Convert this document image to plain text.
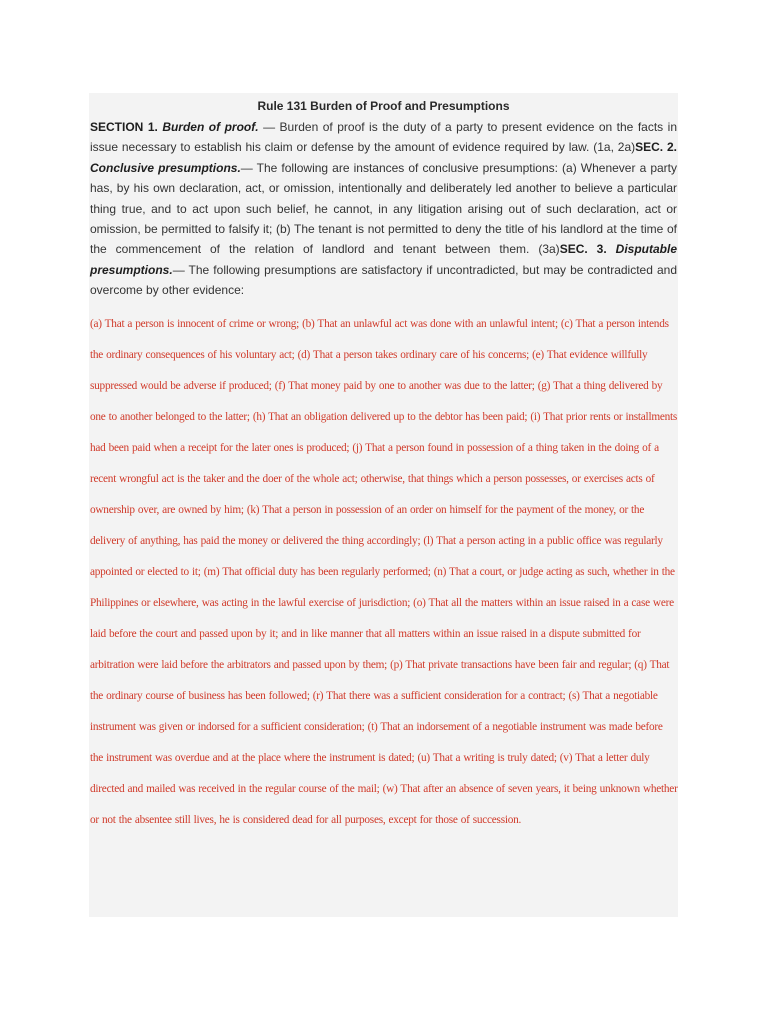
Rule 131 Burden of Proof and Presumptions

SECTION 1. Burden of proof. — Burden of proof is the duty of a party to present evidence on the facts in issue necessary to establish his claim or defense by the amount of evidence required by law. (1a, 2a)SEC. 2. Conclusive presumptions.— The following are instances of conclusive presumptions: (a) Whenever a party has, by his own declaration, act, or omission, intentionally and deliberately led another to believe a particular thing true, and to act upon such belief, he cannot, in any litigation arising out of such declaration, act or omission, be permitted to falsify it; (b) The tenant is not permitted to deny the title of his landlord at the time of the commencement of the relation of landlord and tenant between them. (3a)SEC. 3. Disputable presumptions.— The following presumptions are satisfactory if uncontradicted, but may be contradicted and overcome by other evidence:

(a) That a person is innocent of crime or wrong; (b) That an unlawful act was done with an unlawful intent; (c) That a person intends the ordinary consequences of his voluntary act; (d) That a person takes ordinary care of his concerns; (e) That evidence willfully suppressed would be adverse if produced; (f) That money paid by one to another was due to the latter; (g) That a thing delivered by one to another belonged to the latter; (h) That an obligation delivered up to the debtor has been paid; (i) That prior rents or installments had been paid when a receipt for the later ones is produced; (j) That a person found in possession of a thing taken in the doing of a recent wrongful act is the taker and the doer of the whole act; otherwise, that things which a person possesses, or exercises acts of ownership over, are owned by him; (k) That a person in possession of an order on himself for the payment of the money, or the delivery of anything, has paid the money or delivered the thing accordingly; (l) That a person acting in a public office was regularly appointed or elected to it; (m) That official duty has been regularly performed; (n) That a court, or judge acting as such, whether in the Philippines or elsewhere, was acting in the lawful exercise of jurisdiction; (o) That all the matters within an issue raised in a case were laid before the court and passed upon by it; and in like manner that all matters within an issue raised in a dispute submitted for arbitration were laid before the arbitrators and passed upon by them; (p) That private transactions have been fair and regular; (q) That the ordinary course of business has been followed; (r) That there was a sufficient consideration for a contract; (s) That a negotiable instrument was given or indorsed for a sufficient consideration; (t) That an indorsement of a negotiable instrument was made before the instrument was overdue and at the place where the instrument is dated; (u) That a writing is truly dated; (v) That a letter duly directed and mailed was received in the regular course of the mail; (w) That after an absence of seven years, it being unknown whether or not the absentee still lives, he is considered dead for all purposes, except for those of succession.
